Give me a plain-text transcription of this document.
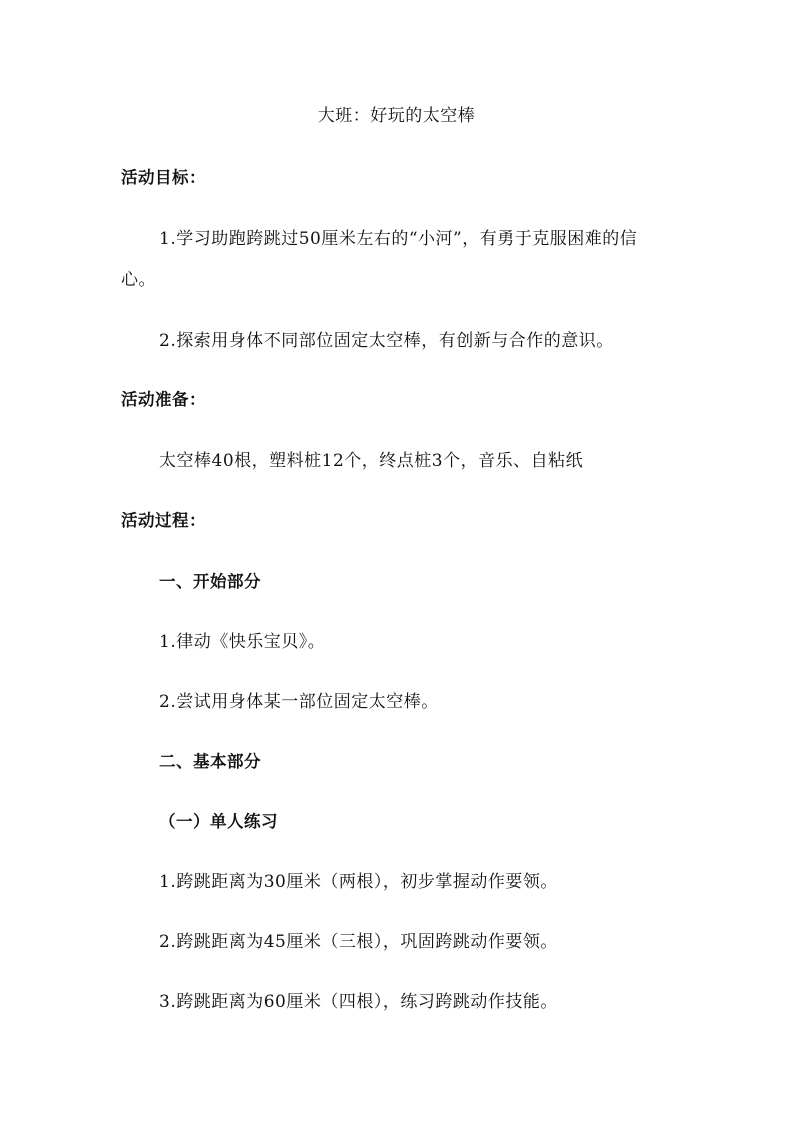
大班：好玩的太空棒
活动目标：
1.学习助跑跨跳过50厘米左右的“小河”，有勇于克服困难的信
心。
2.探索用身体不同部位固定太空棒，有创新与合作的意识。
活动准备：
太空棒40根，塑料桩12个，终点桩3个，音乐、自粘纸
活动过程：
一、开始部分
1.律动《快乐宝贝》。
2.尝试用身体某一部位固定太空棒。
二、基本部分
（一）单人练习
1.跨跳距离为30厘米（两根），初步掌握动作要领。
2.跨跳距离为45厘米（三根），巩固跨跳动作要领。
3.跨跳距离为60厘米（四根），练习跨跳动作技能。
